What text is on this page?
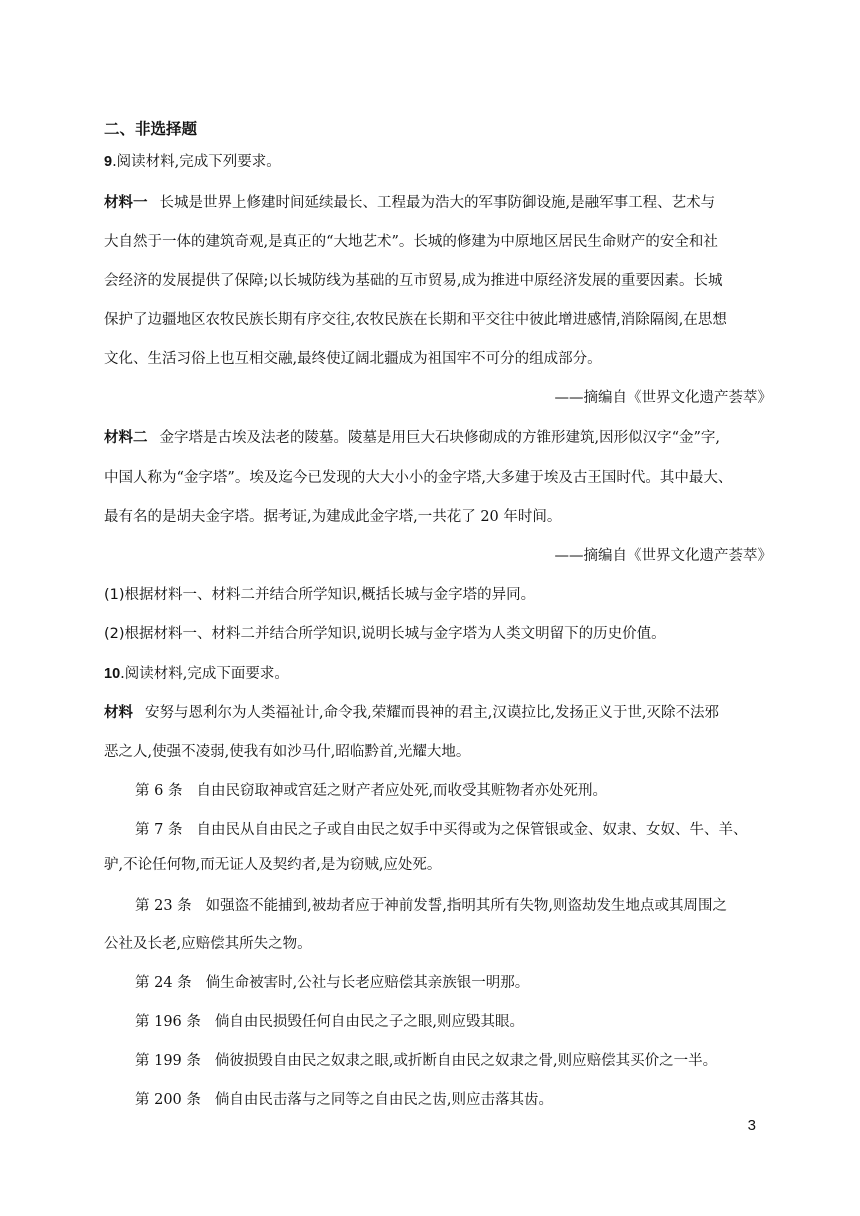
二、非选择题
9.阅读材料,完成下列要求。
材料一 长城是世界上修建时间延续最长、工程最为浩大的军事防御设施,是融军事工程、艺术与
大自然于一体的建筑奇观,是真正的“大地艺术”。长城的修建为中原地区居民生命财产的安全和社
会经济的发展提供了保障;以长城防线为基础的互市贸易,成为推进中原经济发展的重要因素。长城
保护了边疆地区农牧民族长期有序交往,农牧民族在长期和平交往中彼此增进感情,消除隔阂,在思想
文化、生活习俗上也互相交融,最终使辽阔北疆成为祖国牢不可分的组成部分。
——摘编自《世界文化遗产荟萃》
材料二 金字塔是古埃及法老的陵墓。陵墓是用巨大石块修砌成的方锥形建筑,因形似汉字“金”字,
中国人称为“金字塔”。埃及迄今已发现的大大小小的金字塔,大多建于埃及古王国时代。其中最大、
最有名的是胡夫金字塔。据考证,为建成此金字塔,一共花了 20 年时间。
——摘编自《世界文化遗产荟萃》
(1)根据材料一、材料二并结合所学知识,概括长城与金字塔的异同。
(2)根据材料一、材料二并结合所学知识,说明长城与金字塔为人类文明留下的历史价值。
10.阅读材料,完成下面要求。
材料 安努与恩利尔为人类福祉计,命令我,荣耀而畏神的君主,汉谟拉比,发扬正义于世,灭除不法邪
恶之人,使强不凌弱,使我有如沙马什,昭临黔首,光耀大地。
第 6 条 自由民窃取神或宫廷之财产者应处死,而收受其赃物者亦处死刑。
第 7 条 自由民从自由民之子或自由民之奴手中买得或为之保管银或金、奴隶、女奴、牛、羊、
驴,不论任何物,而无证人及契约者,是为窃贼,应处死。
第 23 条 如强盗不能捕到,被劫者应于神前发誓,指明其所有失物,则盗劫发生地点或其周围之
公社及长老,应赔偿其所失之物。
第 24 条 倘生命被害时,公社与长老应赔偿其亲族银一明那。
第 196 条 倘自由民损毁任何自由民之子之眼,则应毁其眼。
第 199 条 倘彼损毁自由民之奴隶之眼,或折断自由民之奴隶之骨,则应赔偿其买价之一半。
第 200 条 倘自由民击落与之同等之自由民之齿,则应击落其齿。
3
